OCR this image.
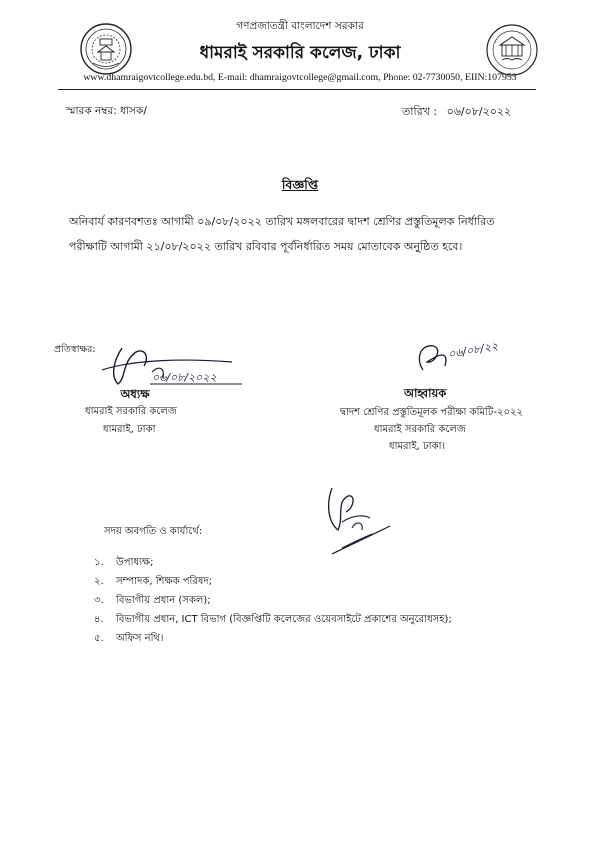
গণপ্রজাতন্ত্রী বাংলাদেশ সরকার
ধামরাই সরকারি কলেজ, ঢাকা
www.dhamraigovtcollege.edu.bd, E-mail: dhamraigovtcollege@gmail.com, Phone: 02-7730050, EIIN:107953
স্মারক নম্বর: ধাসক/	তারিখ : ০৬/০৮/২০২২
বিজ্ঞপ্তি
অনিবার্য কারণবশতঃ আগামী ০৯/০৮/২০২২ তারিখ মঙ্গলবারের দ্বাদশ শ্রেণির প্রস্তুতিমূলক নির্ধারিত
পরীক্ষাটি আগামী ২১/০৮/২০২২ তারিখ রবিবার পূর্বনির্ধারিত সময় মোতাবেক অনুষ্ঠিত হবে।
প্রতিস্বাক্ষর:
০৬/০৮/২০২২
অধ্যক্ষ
ধামরাই সরকারি কলেজ
ধামরাই, ঢাকা
০৬/০৮/২২
আহ্বায়ক
দ্বাদশ শ্রেণির প্রস্তুতিমূলক পরীক্ষা কমিটি-২০২২
ধামরাই সরকারি কলেজ
ধামরাই, ঢাকা।
সদয় অবগতি ও কার্যার্থে:
১. উপাধ্যক্ষ;
২. সম্পাদক, শিক্ষক পরিষদ;
৩. বিভাগীয় প্রধান (সকল);
৪. বিভাগীয় প্রধান, ICT বিভাগ (বিজ্ঞপ্তিটি কলেজের ওয়েবসাইটে প্রকাশের অনুরোধসহ);
৫. অফিস নথি।
